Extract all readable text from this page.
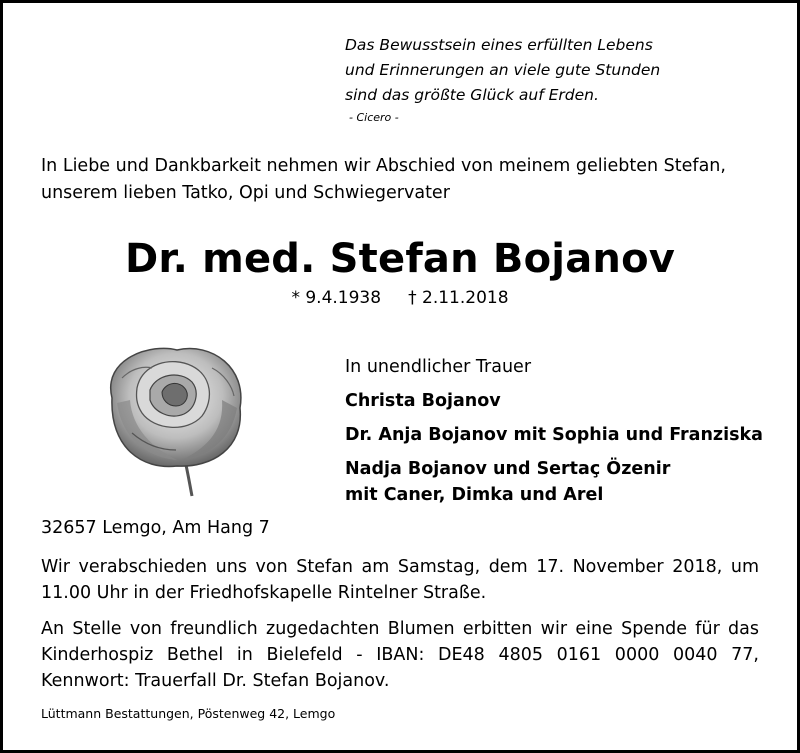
Das Bewusstsein eines erfüllten Lebens
und Erinnerungen an viele gute Stunden
sind das größte Glück auf Erden.
- Cicero -
In Liebe und Dankbarkeit nehmen wir Abschied von meinem geliebten Stefan,
unserem lieben Tatko, Opi und Schwiegervater
Dr. med. Stefan Bojanov
* 9.4.1938 † 2.11.2018
In unendlicher Trauer
Christa Bojanov
Dr. Anja Bojanov mit Sophia und Franziska
Nadja Bojanov und Sertaç Özenir
mit Caner, Dimka und Arel
32657 Lemgo, Am Hang 7
Wir verabschieden uns von Stefan am Samstag, dem 17. November 2018, um
11.00 Uhr in der Friedhofskapelle Rintelner Straße.
An Stelle von freundlich zugedachten Blumen erbitten wir eine Spende für das
Kinderhospiz Bethel in Bielefeld - IBAN: DE48 4805 0161 0000 0040 77,
Kennwort: Trauerfall Dr. Stefan Bojanov.
Lüttmann Bestattungen, Pöstenweg 42, Lemgo
